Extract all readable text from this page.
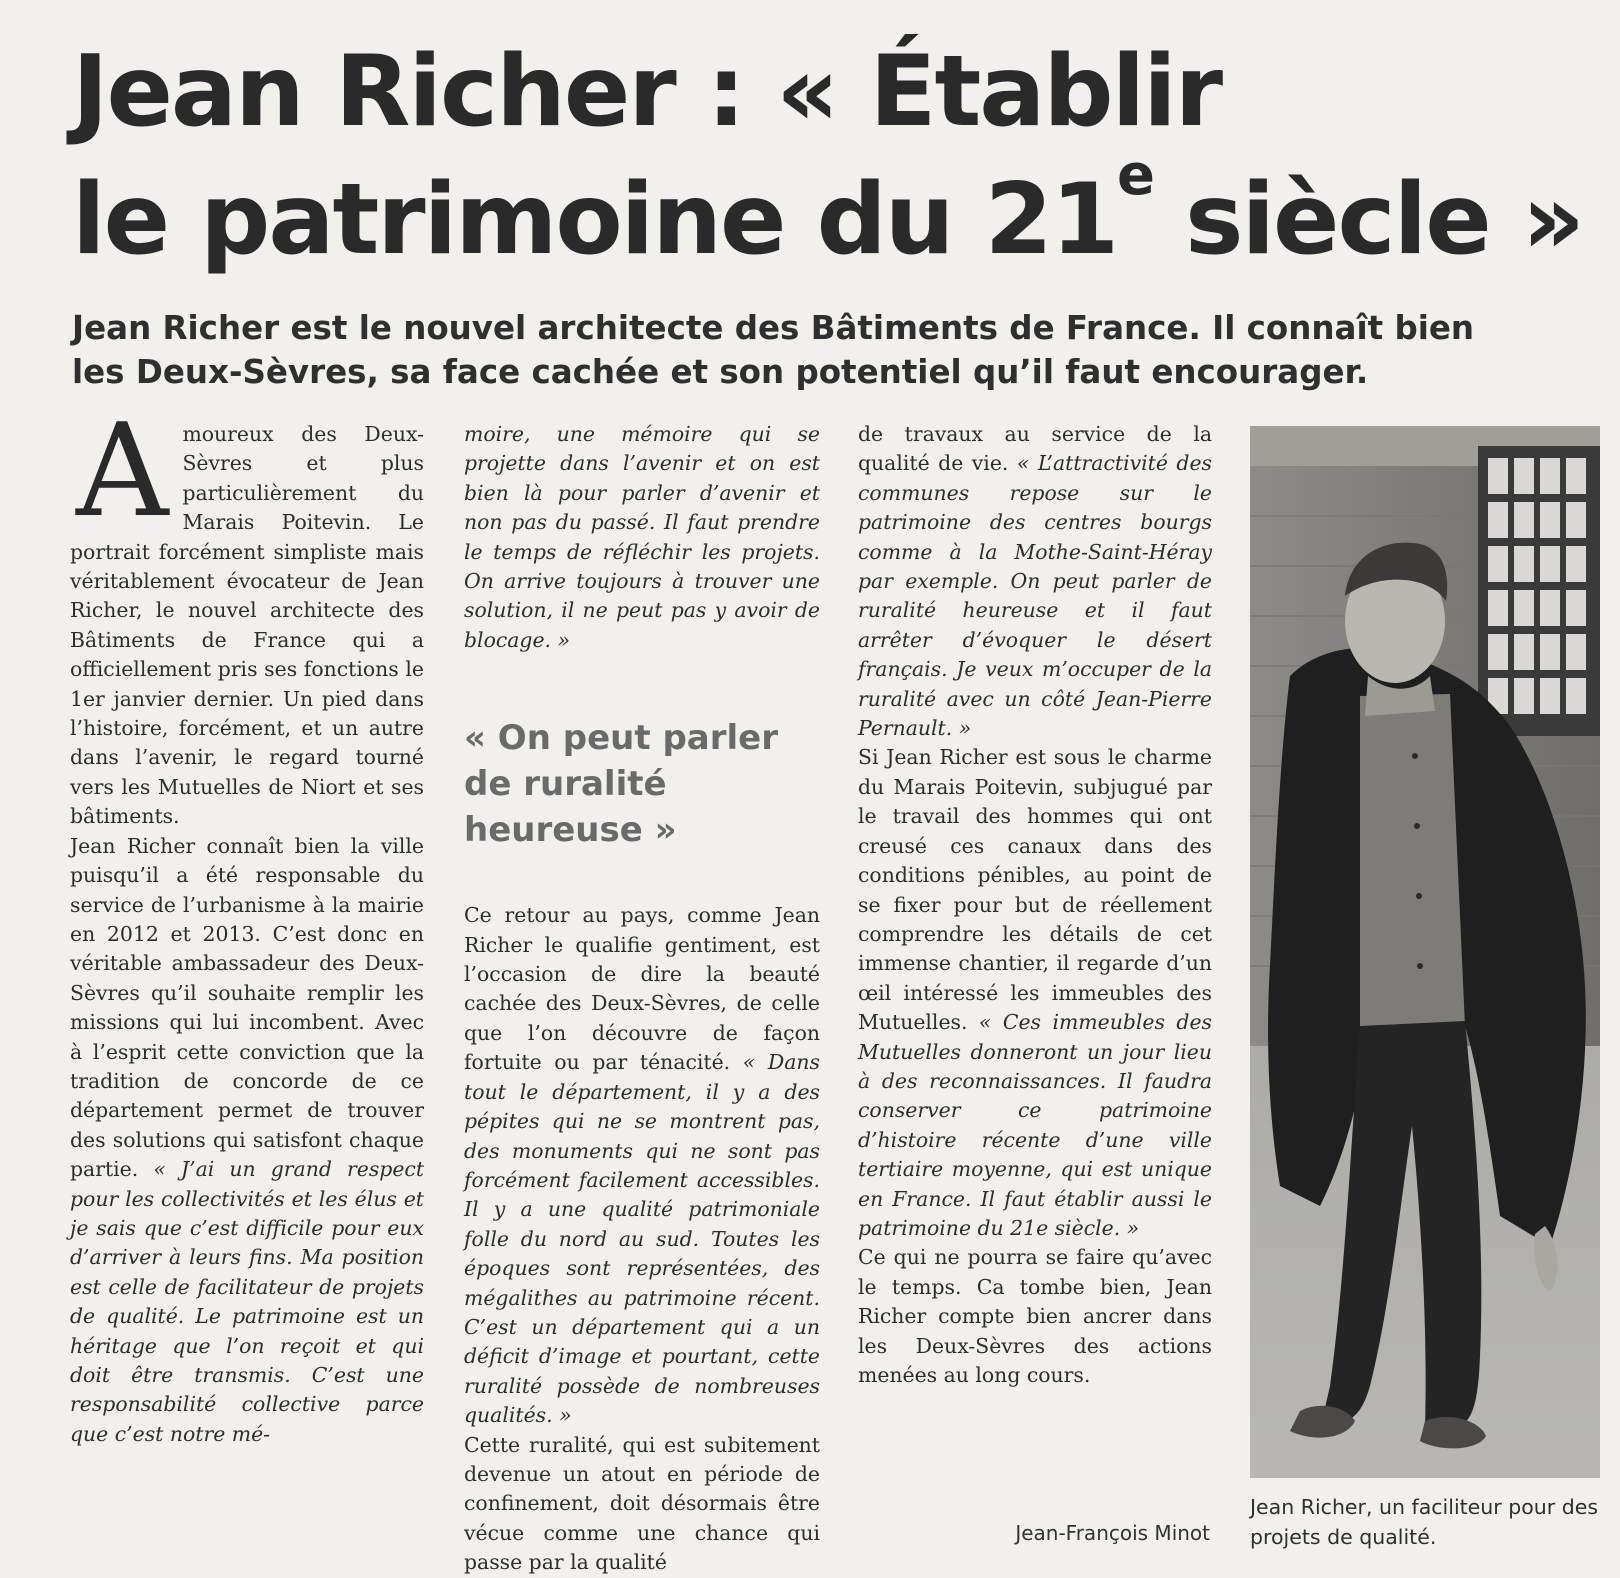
Jean Richer : « Établir
le patrimoine du 21e siècle »
Jean Richer est le nouvel architecte des Bâtiments de France. Il connaît bien
les Deux-Sèvres, sa face cachée et son potentiel qu’il faut encourager.

Amoureux des Deux-Sèvres et plus particulièrement du Marais Poitevin. Le portrait forcément simpliste mais véritablement évocateur de Jean Richer, le nouvel architecte des Bâtiments de France qui a officiellement pris ses fonctions le 1er janvier dernier. Un pied dans l’histoire, forcément, et un autre dans l’avenir, le regard tourné vers les Mutuelles de Niort et ses bâtiments.

Jean Richer connaît bien la ville puisqu’il a été responsable du service de l’urbanisme à la mairie en 2012 et 2013. C’est donc en véritable ambassadeur des Deux-Sèvres qu’il souhaite remplir les missions qui lui incombent. Avec à l’esprit cette conviction que la tradition de concorde de ce département permet de trouver des solutions qui satisfont chaque partie. « J’ai un grand respect pour les collectivités et les élus et je sais que c’est difficile pour eux d’arriver à leurs fins. Ma position est celle de facilitateur de projets de qualité. Le patrimoine est un héritage que l’on reçoit et qui doit être transmis. C’est une responsabilité collective parce que c’est notre mé-

moire, une mémoire qui se projette dans l’avenir et on est bien là pour parler d’avenir et non pas du passé. Il faut prendre le temps de réfléchir les projets. On arrive toujours à trouver une solution, il ne peut pas y avoir de blocage. »

« On peut parler de ruralité heureuse »

Ce retour au pays, comme Jean Richer le qualifie gentiment, est l’occasion de dire la beauté cachée des Deux-Sèvres, de celle que l’on découvre de façon fortuite ou par ténacité. « Dans tout le département, il y a des pépites qui ne se montrent pas, des monuments qui ne sont pas forcément facilement accessibles. Il y a une qualité patrimoniale folle du nord au sud. Toutes les époques sont représentées, des mégalithes au patrimoine récent. C’est un département qui a un déficit d’image et pourtant, cette ruralité possède de nombreuses qualités. »

Cette ruralité, qui est subitement devenue un atout en période de confinement, doit désormais être vécue comme une chance qui passe par la qualité

de travaux au service de la qualité de vie. « L’attractivité des communes repose sur le patrimoine des centres bourgs comme à la Mothe-Saint-Héray par exemple. On peut parler de ruralité heureuse et il faut arrêter d’évoquer le désert français. Je veux m’occuper de la ruralité avec un côté Jean-Pierre Pernault. »

Si Jean Richer est sous le charme du Marais Poitevin, subjugué par le travail des hommes qui ont creusé ces canaux dans des conditions pénibles, au point de se fixer pour but de réellement comprendre les détails de cet immense chantier, il regarde d’un œil intéressé les immeubles des Mutuelles. « Ces immeubles des Mutuelles donneront un jour lieu à des reconnaissances. Il faudra conserver ce patrimoine d’histoire récente d’une ville tertiaire moyenne, qui est unique en France. Il faut établir aussi le patrimoine du 21e siècle. »

Ce qui ne pourra se faire qu’avec le temps. Ca tombe bien, Jean Richer compte bien ancrer dans les Deux-Sèvres des actions menées au long cours.

Jean-François Minot

Jean Richer, un faciliteur pour des projets de qualité.
